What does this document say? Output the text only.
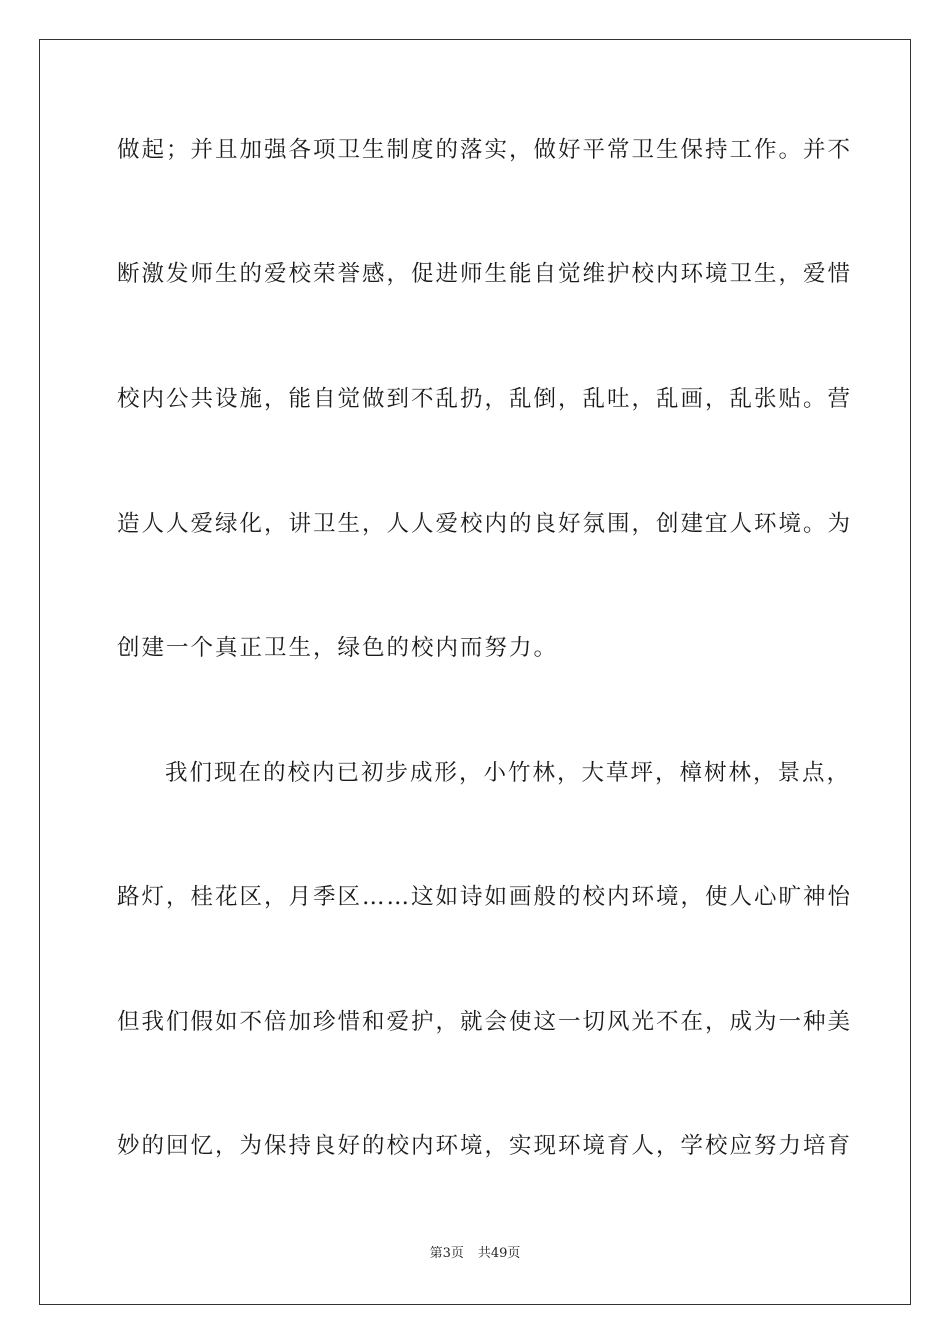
做起；并且加强各项卫生制度的落实，做好平常卫生保持工作。并不
断激发师生的爱校荣誉感，促进师生能自觉维护校内环境卫生，爱惜
校内公共设施，能自觉做到不乱扔，乱倒，乱吐，乱画，乱张贴。营
造人人爱绿化，讲卫生，人人爱校内的良好氛围，创建宜人环境。为
创建一个真正卫生，绿色的校内而努力。
我们现在的校内已初步成形，小竹林，大草坪，樟树林，景点，
路灯，桂花区，月季区……这如诗如画般的校内环境，使人心旷神怡
但我们假如不倍加珍惜和爱护，就会使这一切风光不在，成为一种美
妙的回忆，为保持良好的校内环境，实现环境育人，学校应努力培育
第3页 共49页
